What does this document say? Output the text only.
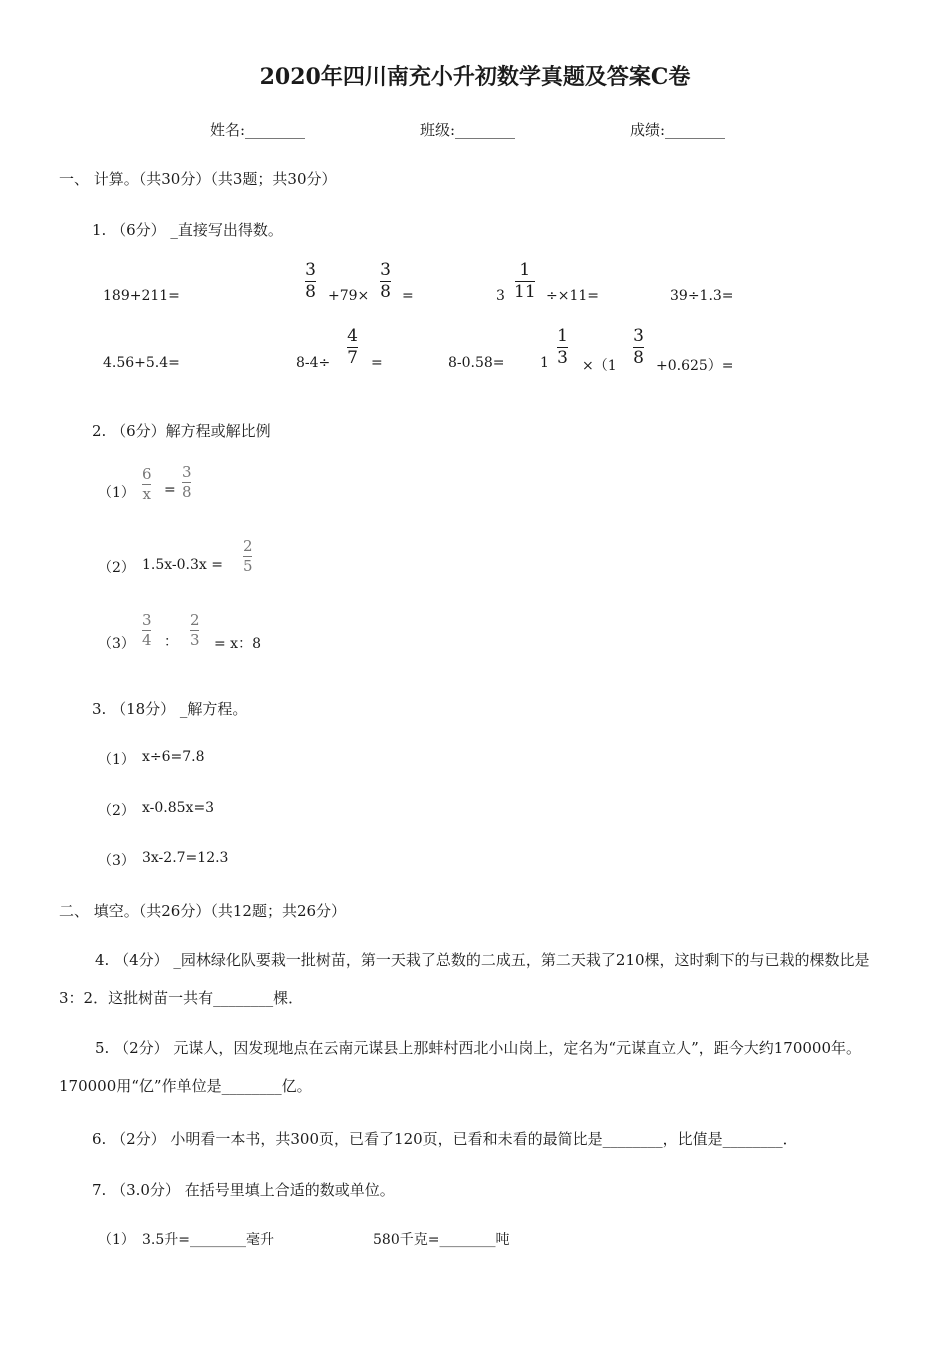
2020年四川南充小升初数学真题及答案C卷
姓名:________	班级:________	成绩:________
一、 计算。（共30分）（共3题；共30分）
1. （6分） _直接写出得数。
189+211=
3
8 +79×
3
8 =	3
1
11 ÷×11=	39÷1.3=
4.56+5.4=	8-4÷
4
7 =	8-0.58=	1
1
3 ×（1
3
8 +0.625）=
2. （6分）解方程或解比例
（1）
6
x =
3
8
（2） 1.5x-0.3x =
2
5
（3）
3
4 ：
2
3 = x：8
3. （18分） _解方程。
（1） x÷6=7.8
（2） x-0.85x=3
（3） 3x-2.7=12.3
二、 填空。（共26分）（共12题；共26分）
4. （4分） _园林绿化队要栽一批树苗，第一天栽了总数的二成五，第二天栽了210棵，这时剩下的与已栽的棵数比是3：2．这批树苗一共有________棵．
5. （2分） 元谋人，因发现地点在云南元谋县上那蚌村西北小山岗上，定名为“元谋直立人”，距今大约170000年。170000用“亿”作单位是________亿。
6. （2分） 小明看一本书，共300页，已看了120页，已看和未看的最简比是________，比值是________．
7. （3.0分） 在括号里填上合适的数或单位。
（1） 3.5升=________毫升	580千克=________吨
